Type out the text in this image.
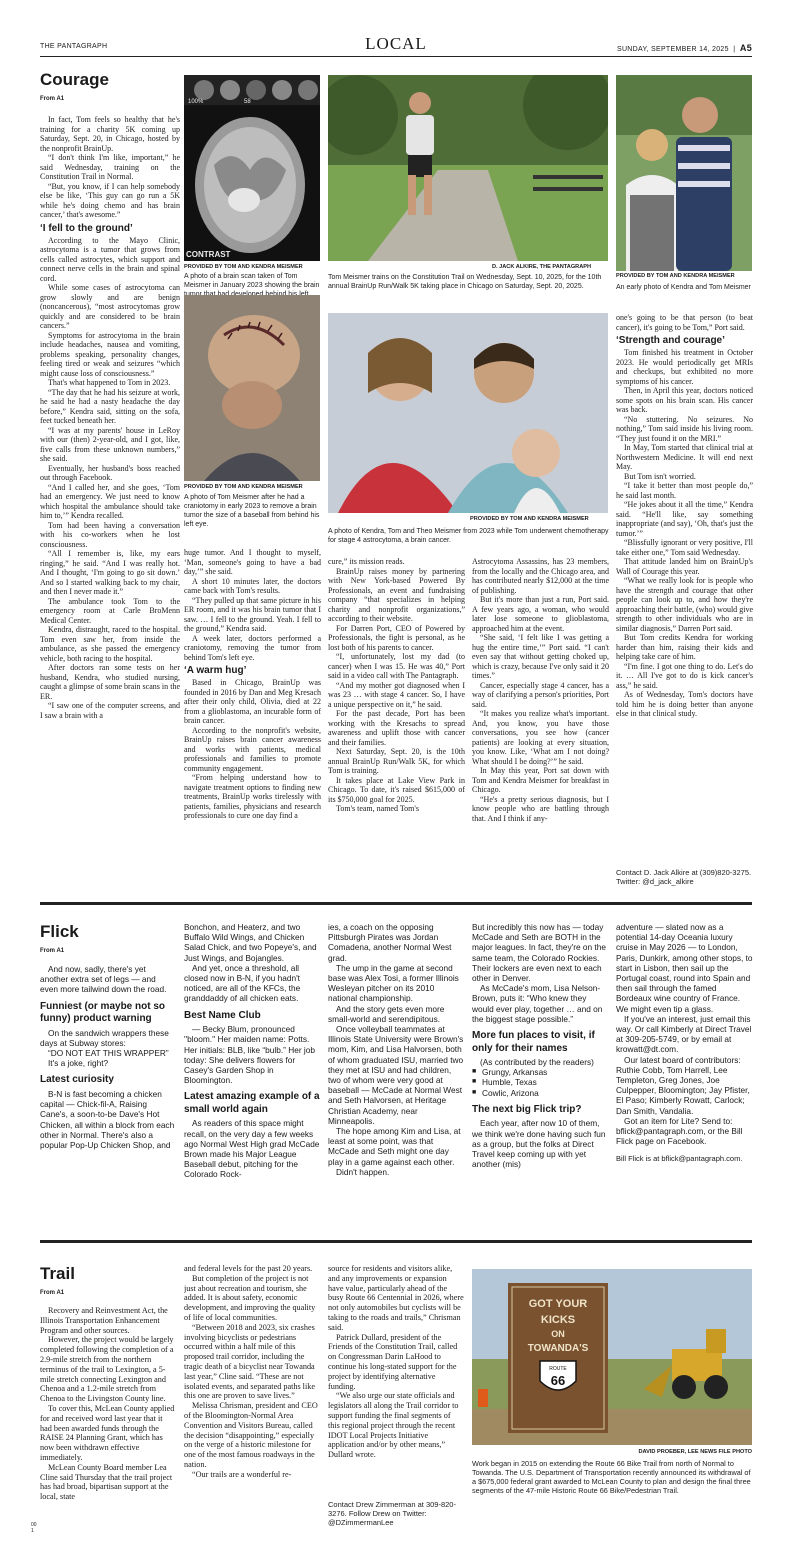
THE PANTAGRAPH	LOCAL	SUNDAY, SEPTEMBER 14, 2025  |  A5
Courage
From A1

In fact, Tom feels so healthy that he's training for a charity 5K coming up Saturday, Sept. 20, in Chicago, hosted by the nonprofit BrainUp.

“I don't think I'm like, important,” he said Wednesday, training on the Constitution Trail in Normal.

“But, you know, if I can help somebody else be like, ‘This guy can go run a 5K while he's doing chemo and has brain cancer,’ that's awesome.”

‘I fell to the ground’

According to the Mayo Clinic, astrocytoma is a tumor that grows from cells called astrocytes, which support and connect nerve cells in the brain and spinal cord.

While some cases of astrocytoma can grow slowly and are benign (noncancerous), “most astrocytomas grow quickly and are considered to be brain cancers.”

Symptoms for astrocytoma in the brain include headaches, nausea and vomiting, problems speaking, personality changes, feeling tired or weak and seizures “which might cause loss of consciousness.”

That's what happened to Tom in 2023.

“The day that he had his seizure at work, he said he had a nasty headache the day before,” Kendra said, sitting on the sofa, feet tucked beneath her.

“I was at my parents' house in LeRoy with our (then) 2-year-old, and I got, like, five calls from these unknown numbers,” she said.

Eventually, her husband's boss reached out through Facebook.

“And I called her, and she goes, ‘Tom had an emergency. We just need to know which hospital the ambulance should take him to,’” Kendra recalled.

Tom had been having a conversation with his co-workers when he lost consciousness.

“All I remember is, like, my ears ringing,” he said. “And I was really hot. And I thought, ‘I'm going to go sit down.’ And so I started walking back to my chair, and then I never made it.”

The ambulance took Tom to the emergency room at Carle BroMenn Medical Center.

Kendra, distraught, raced to the hospital. Tom even saw her, from inside the ambulance, as she passed the emergency vehicle, both racing to the hospital.

After doctors ran some tests on her husband, Kendra, who studied nursing, caught a glimpse of some brain scans in the ER.

“I saw one of the computer screens, and I saw a brain with a

100%	58
CONTRAST
PROVIDED BY TOM AND KENDRA MEISMER
A photo of a brain scan taken of Tom Meismer in January 2023 showing the brain
D. JACK ALKIRE, THE PANTAGRAPH
Tom Meismer trains on the Constitution Trail on Wednesday, Sept. 10, 2025, for the 10th annual BrainUp Run/Walk 5K taking place in Chicago on Saturday, Sept. 20, 2025.
PROVIDED BY TOM AND KENDRA MEISMER
An early photo of Kendra and Tom Meismer
PROVIDED BY TOM AND KENDRA MEISMER
A photo of Tom Meismer after he had a craniotomy in early 2023 to remove a brain tumor the size of a baseball from behind his left eye.
PROVIDED BY TOM AND KENDRA MEISMER
A photo of Kendra, Tom and Theo Meismer from 2023 while Tom underwent chemotherapy for stage 4 astrocytoma, a brain cancer.

huge tumor. And I thought to myself, ‘Man, someone's going to have a bad day,’” she said.

A short 10 minutes later, the doctors came back with Tom's results.

“They pulled up that same picture in his ER room, and it was his brain tumor that I saw. … I fell to the ground. Yeah. I fell to the ground,” Kendra said.

A week later, doctors performed a craniotomy, removing the tumor from behind Tom's left eye.

‘A warm hug’

Based in Chicago, BrainUp was founded in 2016 by Dan and Meg Kresach after their only child, Olivia, died at 22 from a glioblastoma, an incurable form of brain cancer.

According to the nonprofit's website, BrainUp raises brain cancer awareness and works with patients, medical professionals and families to promote community engagement.

“From helping understand how to navigate treatment options to finding new treatments, BrainUp works tirelessly with patients, families, physicians and research professionals to cure one day find a

cure,” its mission reads.

BrainUp raises money by partnering with New York-based Powered By Professionals, an event and fundraising company “that specializes in helping charity and nonprofit organizations,” according to their website.

For Darren Port, CEO of Powered by Professionals, the fight is personal, as he lost both of his parents to cancer.

“I, unfortunately, lost my dad (to cancer) when I was 15. He was 40,” Port said in a video call with The Pantagraph.

“And my mother got diagnosed when I was 23 … with stage 4 cancer. So, I have a unique perspective on it,” he said.

For the past decade, Port has been working with the Kresachs to spread awareness and uplift those with cancer and their families.

Next Saturday, Sept. 20, is the 10th annual BrainUp Run/Walk 5K, for which Tom is training.

It takes place at Lake View Park in Chicago. To date, it's raised $615,000 of its $750,000 goal for 2025.

Tom's team, named Tom's

Astrocytoma Assassins, has 23 members, from the locally and the Chicago area, and has contributed nearly $12,000 at the time of publishing.

But it's more than just a run, Port said. A few years ago, a woman, who would later lose someone to glioblastoma, approached him at the event.

“She said, ‘I felt like I was getting a hug the entire time,’” Port said. “I can't even say that without getting choked up, which is crazy, because I've only said it 20 times.”

Cancer, especially stage 4 cancer, has a way of clarifying a person's priorities, Port said.

“It makes you realize what's important. And, you know, you have those conversations, you see how (cancer patients) are looking at every situation, you know. Like, ‘What am I not doing? What should I be doing?’” he said.

In May this year, Port sat down with Tom and Kendra Meismer for breakfast in Chicago.

“He's a pretty serious diagnosis, but I know people who are battling through that. And I think if any-

one's going to be that person (to beat cancer), it's going to be Tom,” Port said.

‘Strength and courage’

Tom finished his treatment in October 2023. He would periodically get MRIs and checkups, but exhibited no more symptoms of his cancer.

Then, in April this year, doctors noticed some spots on his brain scan. His cancer was back.

“No stuttering. No seizures. No nothing,” Tom said inside his living room. “They just found it on the MRI.”

In May, Tom started that clinical trial at Northwestern Medicine. It will end next May.

But Tom isn't worried.

“I take it better than most people do,” he said last month.

“He jokes about it all the time,” Kendra said. “He'll like, say something inappropriate (and say), ‘Oh, that's just the tumor.’”

“Blissfully ignorant or very positive, I'll take either one,” Tom said Wednesday.

That attitude landed him on BrainUp's Wall of Courage this year.

“What we really look for is people who have the strength and courage that other people can look up to, and how they're approaching their battle, (who) would give strength to other individuals who are in similar diagnosis,” Darren Port said.

But Tom credits Kendra for working harder than him, raising their kids and helping take care of him.

“I'm fine. I got one thing to do. Let's do it. … All I've got to do is kick cancer's ass,” he said.

As of Wednesday, Tom's doctors have told him he is doing better than anyone else in that clinical study.

Contact D. Jack Alkire at (309)820-3275. Twitter: @d_jack_alkire
Flick
From A1

And now, sadly, there's yet another extra set of legs — and even more tailwind down the road.

Funniest (or maybe not so funny) product warning

On the sandwich wrappers these days at Subway stores:

“DO NOT EAT THIS WRAPPER”

It's a joke, right?

Latest curiosity

B-N is fast becoming a chicken capital — Chick-fil-A, Raising Cane's, a soon-to-be Dave's Hot Chicken, all within a block from each other in Normal. There's also a popular Pop-Up Chicken Shop, and

Bonchon, and Heaterz, and two Buffalo Wild Wings, and Chicken Salad Chick, and two Popeye's, and Just Wings, and Bojangles.

And yet, once a threshold, all closed now in B-N, if you hadn't noticed, are all of the KFCs, the granddaddy of all chicken eats.

Best Name Club

— Becky Blum, pronounced ''bloom.'' Her maiden name: Potts. Her initials: BLB, like “bulb.” Her job today: She delivers flowers for Casey's Garden Shop in Bloomington.

Latest amazing example of a small world again

As readers of this space might recall, on the very day a few weeks ago Normal West High grad McCade Brown made his Major League Baseball debut, pitching for the Colorado Rock-

ies, a coach on the opposing Pittsburgh Pirates was Jordan Comadena, another Normal West grad.

The ump in the game at second base was Alex Tosi, a former Illinois Wesleyan pitcher on its 2010 national championship.

And the story gets even more small-world and serendipitous.

Once volleyball teammates at Illinois State University were Brown's mom, Kim, and Lisa Halvorsen, both of whom graduated ISU, married two they met at ISU and had children, two of whom were very good at baseball — McCade at Normal West and Seth Halvorsen, at Heritage Christian Academy, near Minneapolis.

The hope among Kim and Lisa, at least at some point, was that McCade and Seth might one day play in a game against each other.

Didn't happen.

But incredibly this now has — today McCade and Seth are BOTH in the major leagues. In fact, they're on the same team, the Colorado Rockies. Their lockers are even next to each other in Denver.

As McCade's mom, Lisa Nelson-Brown, puts it: “Who knew they would ever play, together … and on the biggest stage possible.”

More fun places to visit, if only for their names

(As contributed by the readers)

■ Grungy, Arkansas
■ Humble, Texas
■ Cowlic, Arizona

The next big Flick trip?

Each year, after now 10 of them, we think we're done having such fun as a group, but the folks at Direct Travel keep coming up with yet another (mis)

adventure — slated now as a potential 14-day Oceania luxury cruise in May 2026 — to London, Paris, Dunkirk, among other stops, to start in Lisbon, then sail up the Portugal coast, round into Spain and then sail through the famed Bordeaux wine country of France. We might even tip a glass.

If you've an interest, just email this way. Or call Kimberly at Direct Travel at 309-205-5749, or by email at krowatt@dt.com.

Our latest board of contributors: Ruthie Cobb, Tom Harrell, Lee Templeton, Greg Jones, Joe Culpepper, Bloomington; Jay Pfister, El Paso; Kimberly Rowatt, Carlock; Dan Smith, Vandalia.

Got an item for Lite? Send to: bflick@pantagraph.com, or the Bill Flick page on Facebook.

Bill Flick is at bflick@pantagraph.com.

Trail
From A1

Recovery and Reinvestment Act, the Illinois Transportation Enhancement Program and other sources.

However, the project would be largely completed following the completion of a 2.9-mile stretch from the northern terminus of the trail to Lexington, a 5-mile stretch connecting Lexington and Chenoa and a 1.2-mile stretch from Chenoa to the Livingston County line.

To cover this, McLean County applied for and received word last year that it had been awarded funds through the RAISE 24 Planning Grant, which has now been withdrawn effective immediately.

McLean County Board member Lea Cline said Thursday that the trail project has had broad, bipartisan support at the local, state

00 1

and federal levels for the past 20 years.

But completion of the project is not just about recreation and tourism, she added. It is about safety, economic development, and improving the quality of life of local communities.

“Between 2018 and 2023, six crashes involving bicyclists or pedestrians occurred within a half mile of this proposed trail corridor, including the tragic death of a bicyclist near Towanda last year,” Cline said. “These are not isolated events, and separated paths like this one are proven to save lives.”

Melissa Chrisman, president and CEO of the Bloomington-Normal Area Convention and Visitors Bureau, called the decision “disappointing,” especially on the verge of a historic milestone for one of the most famous roadways in the nation.

“Our trails are a wonderful re-

source for residents and visitors alike, and any improvements or expansion have value, particularly ahead of the busy Route 66 Centennial in 2026, where not only automobiles but cyclists will be taking to the roads and trails,” Chrisman said.

Patrick Dullard, president of the Friends of the Constitution Trail, called on Congressman Darin LaHood to continue his long-stated support for the project by identifying alternative funding.

“We also urge our state officials and legislators all along the Trail corridor to support funding the final segments of this regional project through the recent IDOT Local Projects Initiative application and/or by other means,” Dullard wrote.

Contact Drew Zimmerman at 309-820-3276. Follow Drew on Twitter: @DZimmermanLee
GOT YOUR
KICKS
ON
TOWANDA'S
ROUTE
66
DAVID PROEBER, LEE NEWS FILE PHOTO
Work began in 2015 on extending the Route 66 Bike Trail from north of Normal to Towanda. The U.S. Department of Transportation recently announced its withdrawal of a $675,000 federal grant awarded to McLean County to plan and design the final three segments of the 47-mile Historic Route 66 Bike/Pedestrian Trail.
